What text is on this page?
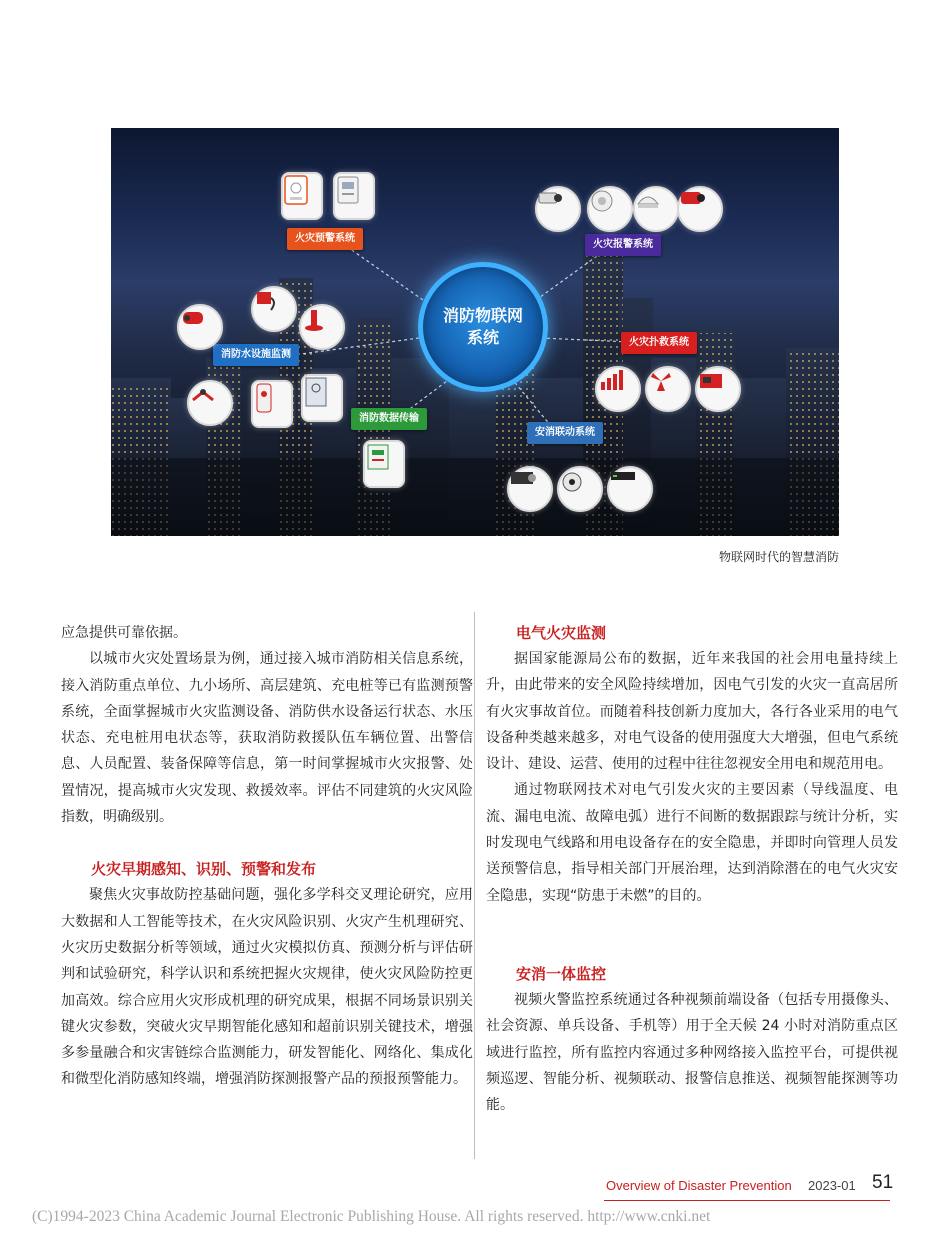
消防物联网
系统
火灾预警系统
火灾报警系统
消防水设施监测
火灾扑救系统
消防数据传输
安消联动系统
物联网时代的智慧消防

应急提供可靠依据。

以城市火灾处置场景为例，通过接入城市消防相关信息系统，接入消防重点单位、九小场所、高层建筑、充电桩等已有监测预警系统，全面掌握城市火灾监测设备、消防供水设备运行状态、水压状态、充电桩用电状态等，获取消防救援队伍车辆位置、出警信息、人员配置、装备保障等信息，第一时间掌握城市火灾报警、处置情况，提高城市火灾发现、救援效率。评估不同建筑的火灾风险指数，明确级别。

火灾早期感知、识别、预警和发布

聚焦火灾事故防控基础问题，强化多学科交叉理论研究，应用大数据和人工智能等技术，在火灾风险识别、火灾产生机理研究、火灾历史数据分析等领域，通过火灾模拟仿真、预测分析与评估研判和试验研究，科学认识和系统把握火灾规律，使火灾风险防控更加高效。综合应用火灾形成机理的研究成果，根据不同场景识别关键火灾参数，突破火灾早期智能化感知和超前识别关键技术，增强多参量融合和灾害链综合监测能力，研发智能化、网络化、集成化和微型化消防感知终端，增强消防探测报警产品的预报预警能力。

电气火灾监测

据国家能源局公布的数据，近年来我国的社会用电量持续上升，由此带来的安全风险持续增加，因电气引发的火灾一直高居所有火灾事故首位。而随着科技创新力度加大，各行各业采用的电气设备种类越来越多，对电气设备的使用强度大大增强，但电气系统设计、建设、运营、使用的过程中往往忽视安全用电和规范用电。

通过物联网技术对电气引发火灾的主要因素（导线温度、电流、漏电电流、故障电弧）进行不间断的数据跟踪与统计分析，实时发现电气线路和用电设备存在的安全隐患，并即时向管理人员发送预警信息，指导相关部门开展治理，达到消除潜在的电气火灾安全隐患，实现“防患于未燃”的目的。

安消一体监控

视频火警监控系统通过各种视频前端设备（包括专用摄像头、社会资源、单兵设备、手机等）用于全天候 24 小时对消防重点区域进行监控，所有监控内容通过多种网络接入监控平台，可提供视频巡逻、智能分析、视频联动、报警信息推送、视频智能探测等功能。

Overview of Disaster Prevention 2023-01 51
(C)1994-2023 China Academic Journal Electronic Publishing House. All rights reserved. http://www.cnki.net
